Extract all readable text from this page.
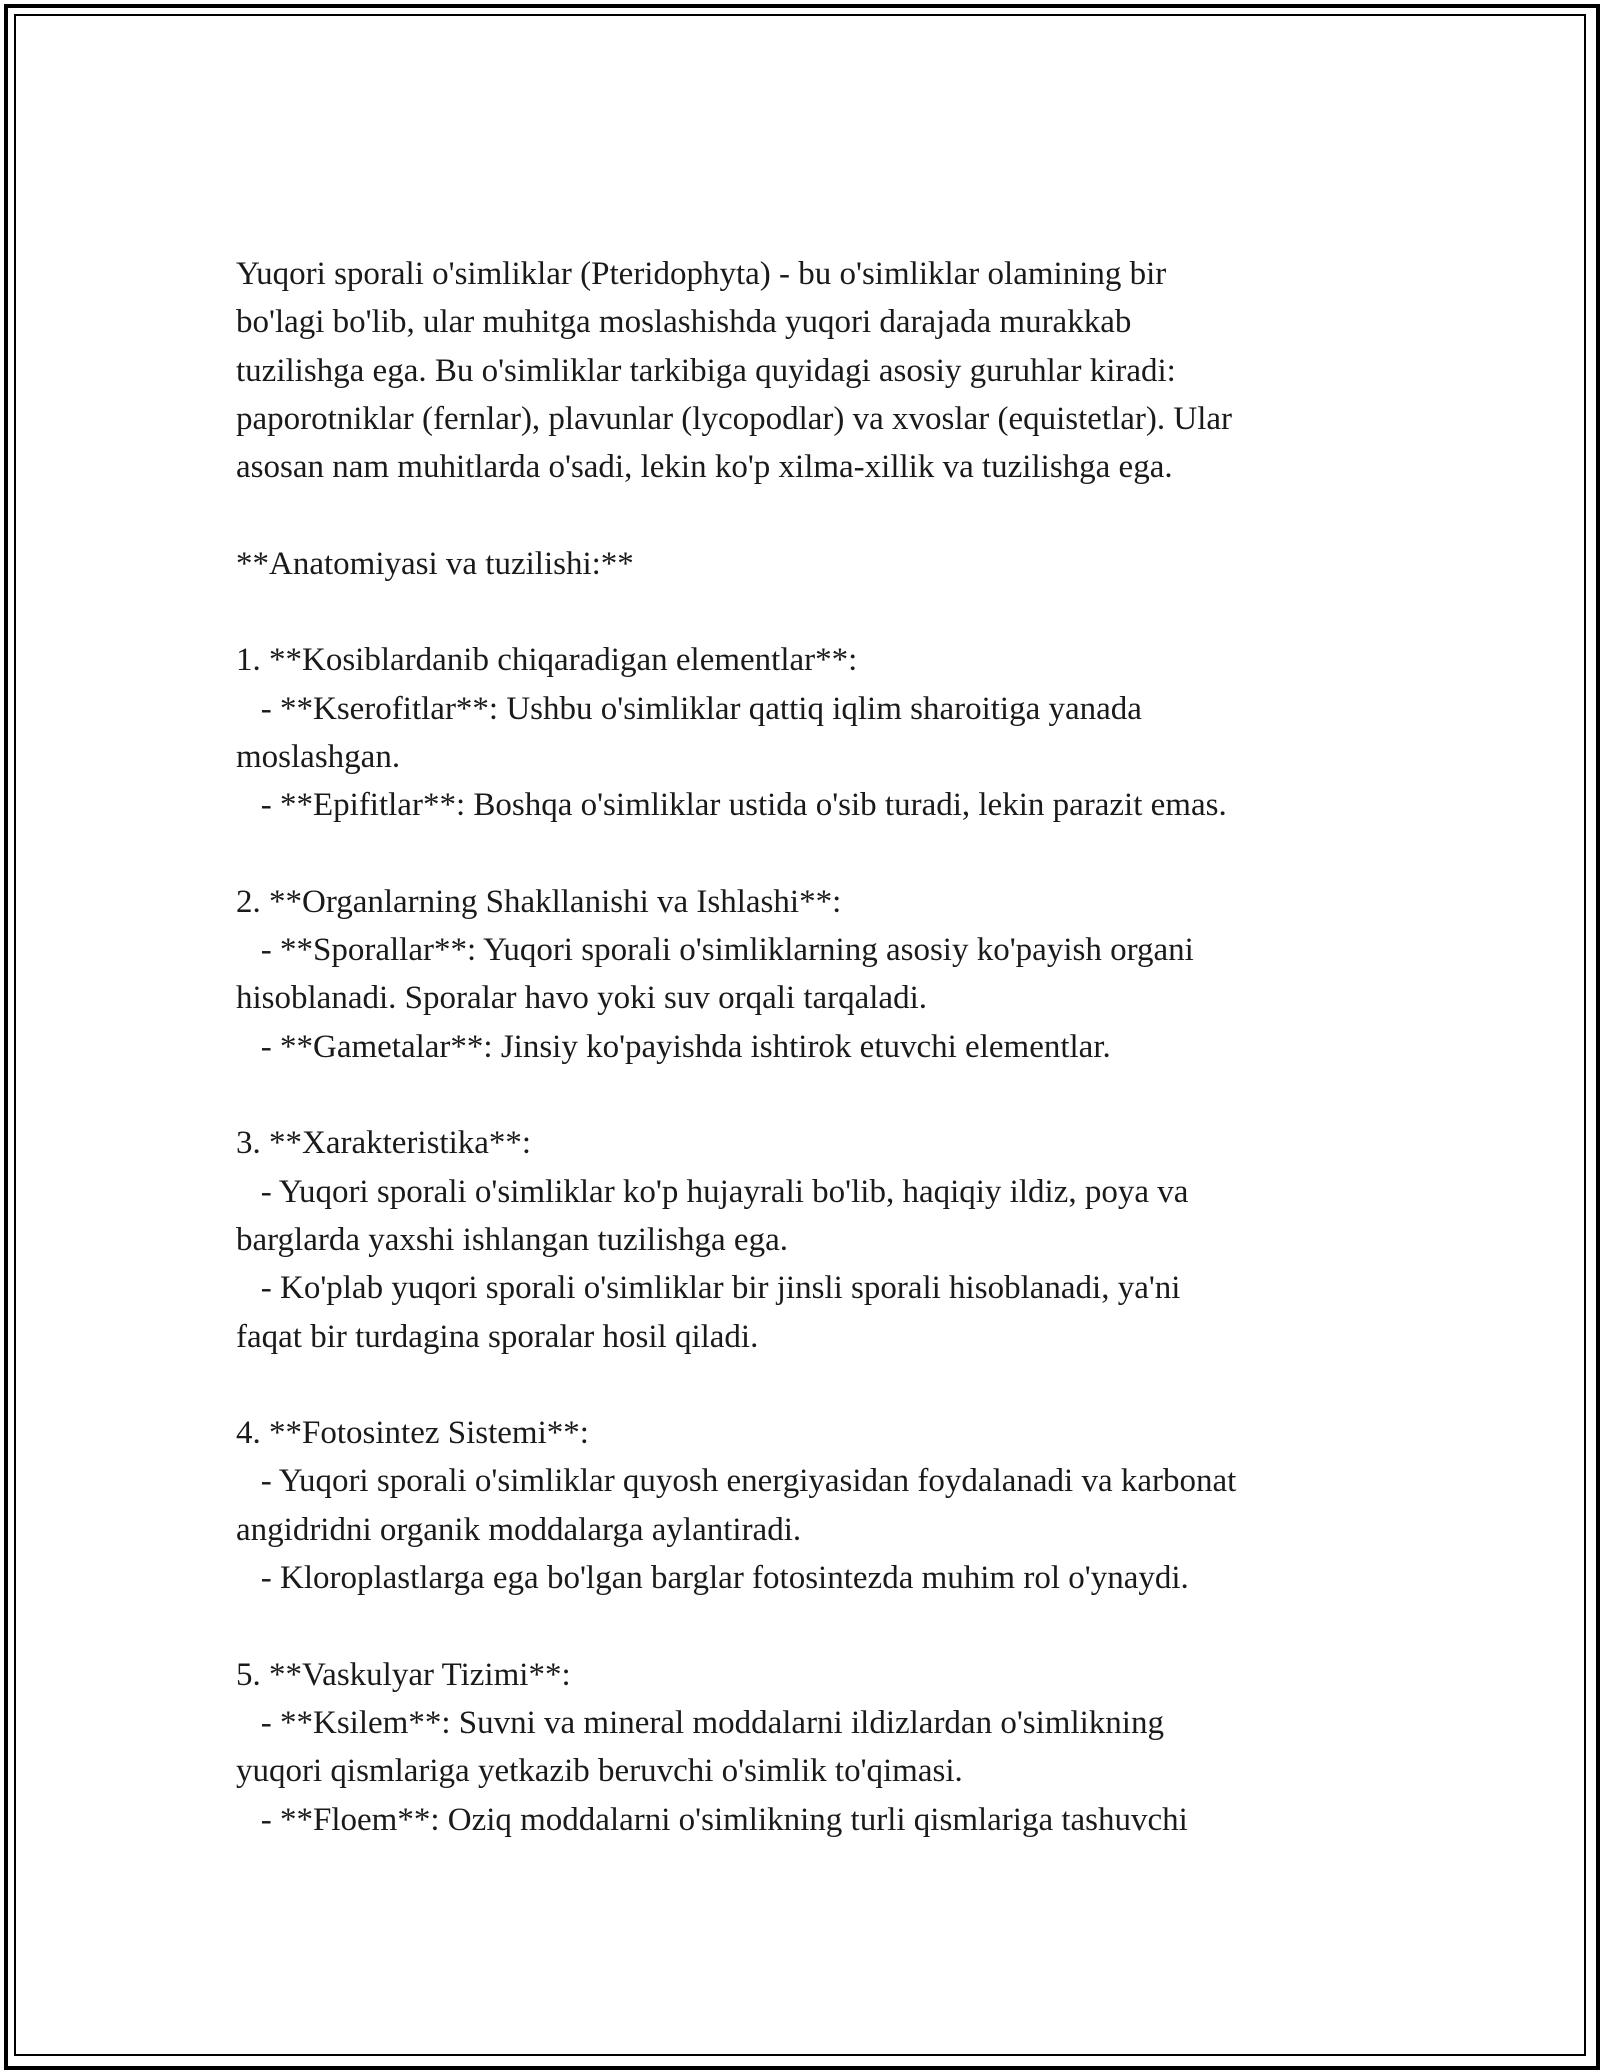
Yuqori sporali o'simliklar (Pteridophyta) - bu o'simliklar olamining bir
bo'lagi bo'lib, ular muhitga moslashishda yuqori darajada murakkab
tuzilishga ega. Bu o'simliklar tarkibiga quyidagi asosiy guruhlar kiradi:
paporotniklar (fernlar), plavunlar (lycopodlar) va xvoslar (equistetlar). Ular
asosan nam muhitlarda o'sadi, lekin ko'p xilma-xillik va tuzilishga ega.
**Anatomiyasi va tuzilishi:**
1. **Kosiblardanib chiqaradigan elementlar**:
- **Kserofitlar**: Ushbu o'simliklar qattiq iqlim sharoitiga yanada
moslashgan.
- **Epifitlar**: Boshqa o'simliklar ustida o'sib turadi, lekin parazit emas.
2. **Organlarning Shakllanishi va Ishlashi**:
- **Sporallar**: Yuqori sporali o'simliklarning asosiy ko'payish organi
hisoblanadi. Sporalar havo yoki suv orqali tarqaladi.
- **Gametalar**: Jinsiy ko'payishda ishtirok etuvchi elementlar.
3. **Xarakteristika**:
- Yuqori sporali o'simliklar ko'p hujayrali bo'lib, haqiqiy ildiz, poya va
barglarda yaxshi ishlangan tuzilishga ega.
- Ko'plab yuqori sporali o'simliklar bir jinsli sporali hisoblanadi, ya'ni
faqat bir turdagina sporalar hosil qiladi.
4. **Fotosintez Sistemi**:
- Yuqori sporali o'simliklar quyosh energiyasidan foydalanadi va karbonat
angidridni organik moddalarga aylantiradi.
- Kloroplastlarga ega bo'lgan barglar fotosintezda muhim rol o'ynaydi.
5. **Vaskulyar Tizimi**:
- **Ksilem**: Suvni va mineral moddalarni ildizlardan o'simlikning
yuqori qismlariga yetkazib beruvchi o'simlik to'qimasi.
- **Floem**: Oziq moddalarni o'simlikning turli qismlariga tashuvchi
